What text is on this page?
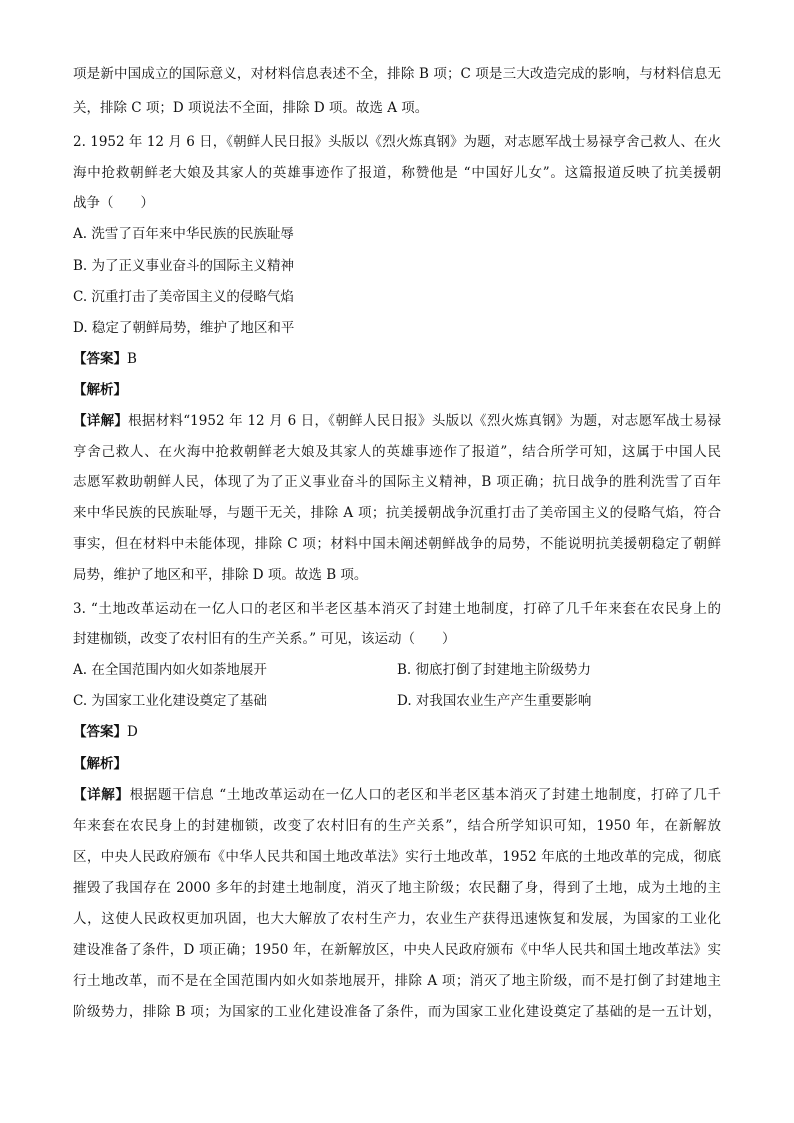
项是新中国成立的国际意义，对材料信息表述不全，排除 B 项；C 项是三大改造完成的影响，与材料信息无
关，排除 C 项；D 项说法不全面，排除 D 项。故选 A 项。
2. 1952 年 12 月 6 日，《朝鲜人民日报》头版以《烈火炼真钢》为题，对志愿军战士易禄亨舍己救人、在火
海中抢救朝鲜老大娘及其家人的英雄事迹作了报道，称赞他是 “中国好儿女”。这篇报道反映了抗美援朝
战争（　　）
A. 洗雪了百年来中华民族的民族耻辱
B. 为了正义事业奋斗的国际主义精神
C. 沉重打击了美帝国主义的侵略气焰
D. 稳定了朝鲜局势，维护了地区和平
【答案】B
【解析】
【详解】根据材料“1952 年 12 月 6 日，《朝鲜人民日报》头版以《烈火炼真钢》为题，对志愿军战士易禄
亨舍己救人、在火海中抢救朝鲜老大娘及其家人的英雄事迹作了报道”，结合所学可知，这属于中国人民
志愿军救助朝鲜人民，体现了为了正义事业奋斗的国际主义精神，B 项正确；抗日战争的胜利洗雪了百年
来中华民族的民族耻辱，与题干无关，排除 A 项；抗美援朝战争沉重打击了美帝国主义的侵略气焰，符合
事实，但在材料中未能体现，排除 C 项；材料中国未阐述朝鲜战争的局势，不能说明抗美援朝稳定了朝鲜
局势，维护了地区和平，排除 D 项。故选 B 项。
3. “土地改革运动在一亿人口的老区和半老区基本消灭了封建土地制度，打碎了几千年来套在农民身上的
封建枷锁，改变了农村旧有的生产关系。” 可见，该运动（　　）
A. 在全国范围内如火如荼地展开	B. 彻底打倒了封建地主阶级势力
C. 为国家工业化建设奠定了基础	D. 对我国农业生产产生重要影响
【答案】D
【解析】
【详解】根据题干信息 “土地改革运动在一亿人口的老区和半老区基本消灭了封建土地制度，打碎了几千
年来套在农民身上的封建枷锁，改变了农村旧有的生产关系”，结合所学知识可知，1950 年，在新解放
区，中央人民政府颁布《中华人民共和国土地改革法》实行土地改革，1952 年底的土地改革的完成，彻底
摧毁了我国存在 2000 多年的封建土地制度，消灭了地主阶级；农民翻了身，得到了土地，成为土地的主
人，这使人民政权更加巩固，也大大解放了农村生产力，农业生产获得迅速恢复和发展，为国家的工业化
建设准备了条件，D 项正确；1950 年，在新解放区，中央人民政府颁布《中华人民共和国土地改革法》实
行土地改革，而不是在全国范围内如火如荼地展开，排除 A 项；消灭了地主阶级，而不是打倒了封建地主
阶级势力，排除 B 项；为国家的工业化建设准备了条件，而为国家工业化建设奠定了基础的是一五计划，
